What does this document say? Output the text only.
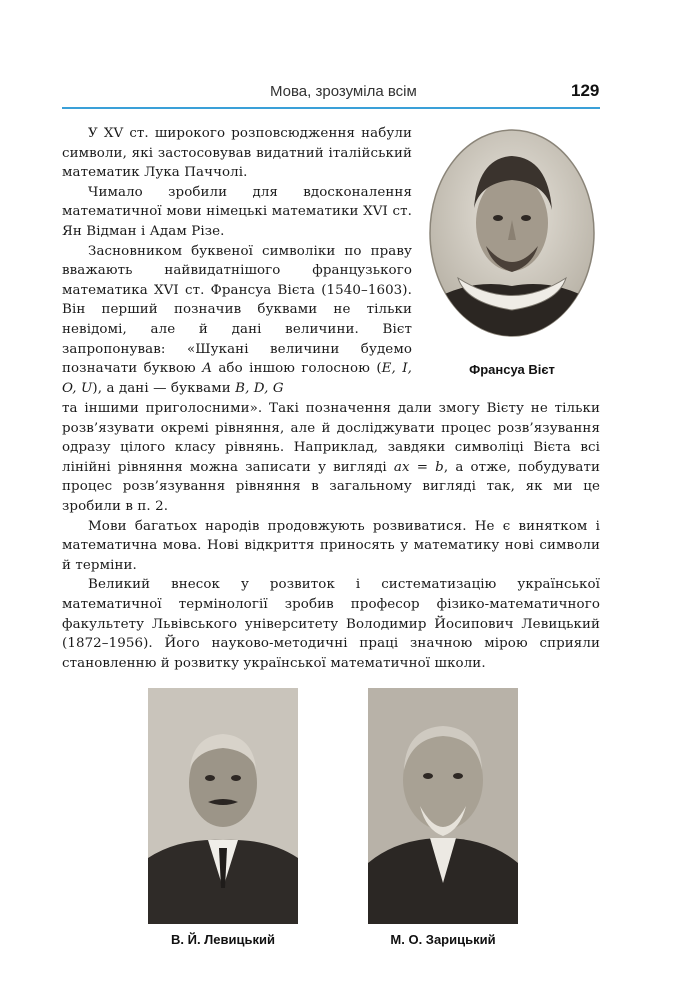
Мова, зрозуміла всім	129

У XV ст. широкого розповсюдження набули символи, які застосовував видатний італійський математик Лука Паччолі.

Чимало зробили для вдосконалення математичної мови німецькі математики XVI ст. Ян Відман і Адам Різе.

Засновником буквеної символіки по праву вважають найвидатнішого французького математика XVI ст. Франсуа Вієта (1540–1603). Він перший позначив буквами не тільки невідомі, але й дані величини. Вієт запропонував: «Шукані величини будемо позначати буквою A або іншою голосною (E, I, O, U), а дані — буквами B, D, G

Франсуа Вієт

та іншими приголосними». Такі позначення дали змогу Вієту не тільки розв’язувати окремі рівняння, але й досліджувати процес розв’язування одразу цілого класу рівнянь. Наприклад, завдяки символіці Вієта всі лінійні рівняння можна записати у вигляді ax = b, а отже, побудувати процес розв’язування рівняння в загальному вигляді так, як ми це зробили в п. 2.

Мови багатьох народів продовжують розвиватися. Не є винятком і математична мова. Нові відкриття приносять у математику нові символи й терміни.

Великий внесок у розвиток і систематизацію української математичної термінології зробив професор фізико-математичного факультету Львівського університету Володимир Йосипович Левицький (1872–1956). Його науково-методичні праці значною мірою сприяли становленню й розвитку української математичної школи.

В. Й. Левицький	М. О. Зарицький
